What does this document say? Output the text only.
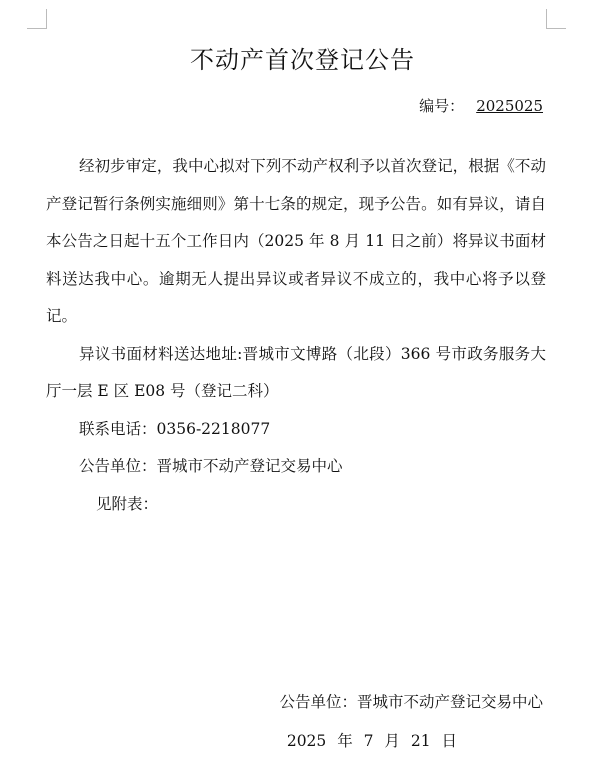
不动产首次登记公告
编号： 2025025

经初步审定，我中心拟对下列不动产权利予以首次登记，根据《不动产登记暂行条例实施细则》第十七条的规定，现予公告。如有异议，请自本公告之日起十五个工作日内（2025 年 8 月 11 日之前）将异议书面材料送达我中心。逾期无人提出异议或者异议不成立的，我中心将予以登记。

异议书面材料送达地址:晋城市文博路（北段）366 号市政务服务大厅一层 E 区 E08 号（登记二科）

联系电话：0356-2218077

公告单位：晋城市不动产登记交易中心

见附表：

公告单位：晋城市不动产登记交易中心
2025 年 7 月 21 日
